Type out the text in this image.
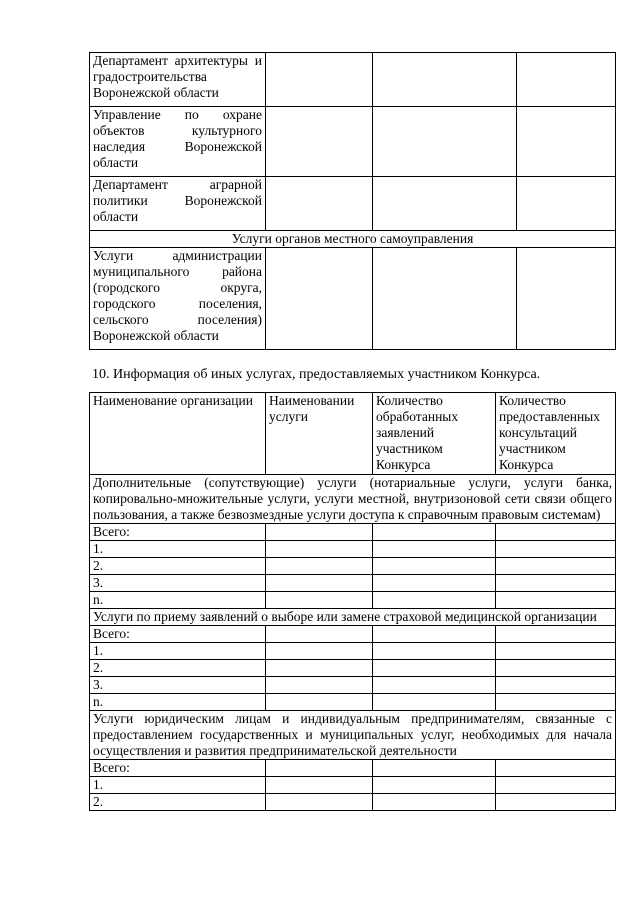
Департамент архитектуры и градостроительства Воронежской области			
Управление по охране объектов культурного наследия Воронежской области			
Департамент аграрной политики Воронежской области			
Услуги органов местного самоуправления			
Услуги администрации муниципального района (городского округа, городского поселения, сельского поселения) Воронежской области			
10. Информация об иных услугах, предоставляемых участником Конкурса.
Наименование организации	Наименовании услуги	Количество обработанных заявлений участником Конкурса	Количество предоставленных консультаций участником Конкурса
Дополнительные (сопутствующие) услуги (нотариальные услуги, услуги банка, копировально-множительные услуги, услуги местной, внутризоновой сети связи общего пользования, а также безвозмездные услуги доступа к справочным правовым системам)			
Всего:			
1.			
2.			
3.			
n.			
Услуги по приему заявлений о выборе или замене страховой медицинской организации			
Всего:			
1.			
2.			
3.			
n.			
Услуги юридическим лицам и индивидуальным предпринимателям, связанные с предоставлением государственных и муниципальных услуг, необходимых для начала осуществления и развития предпринимательской деятельности			
Всего:			
1.			
2.			
